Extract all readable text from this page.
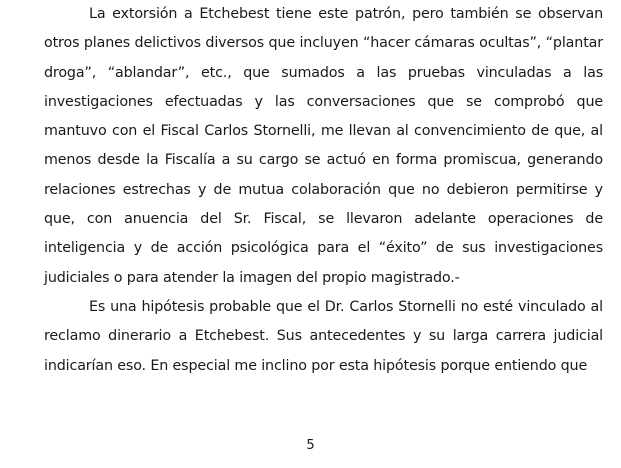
La extorsión a Etchebest tiene este patrón, pero también se observan otros planes delictivos diversos que incluyen “hacer cámaras ocultas”, “plantar droga”, “ablandar”, etc., que sumados a las pruebas vinculadas a las investigaciones efectuadas y las conversaciones que se comprobó que mantuvo con el Fiscal Carlos Stornelli, me llevan al convencimiento de que, al menos desde la Fiscalía a su cargo se actuó en forma promiscua, generando relaciones estrechas y de mutua colaboración que no debieron permitirse y que, con anuencia del Sr. Fiscal, se llevaron adelante operaciones de inteligencia y de acción psicológica para el “éxito” de sus investigaciones judiciales o para atender la imagen del propio magistrado.-

Es una hipótesis probable que el Dr. Carlos Stornelli no esté vinculado al reclamo dinerario a Etchebest. Sus antecedentes y su larga carrera judicial indicarían eso. En especial me inclino por esta hipótesis porque entiendo que

5
